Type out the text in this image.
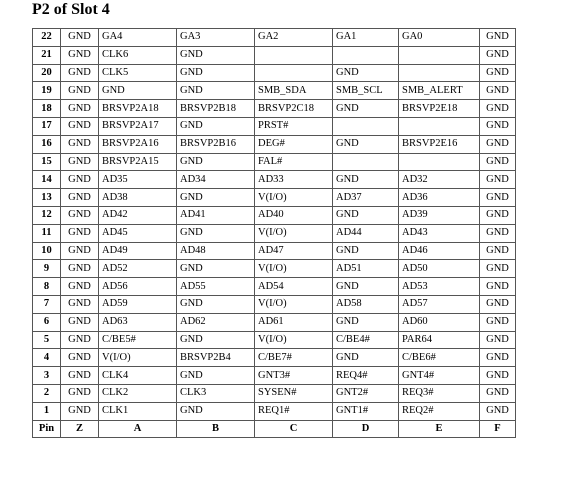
P2 of Slot 4
22	GND	GA4	GA3	GA2	GA1	GA0	GND
21	GND	CLK6	GND				GND
20	GND	CLK5	GND		GND		GND
19	GND	GND	GND	SMB_SDA	SMB_SCL	SMB_ALERT	GND
18	GND	BRSVP2A18	BRSVP2B18	BRSVP2C18	GND	BRSVP2E18	GND
17	GND	BRSVP2A17	GND	PRST#			GND
16	GND	BRSVP2A16	BRSVP2B16	DEG#	GND	BRSVP2E16	GND
15	GND	BRSVP2A15	GND	FAL#			GND
14	GND	AD35	AD34	AD33	GND	AD32	GND
13	GND	AD38	GND	V(I/O)	AD37	AD36	GND
12	GND	AD42	AD41	AD40	GND	AD39	GND
11	GND	AD45	GND	V(I/O)	AD44	AD43	GND
10	GND	AD49	AD48	AD47	GND	AD46	GND
9	GND	AD52	GND	V(I/O)	AD51	AD50	GND
8	GND	AD56	AD55	AD54	GND	AD53	GND
7	GND	AD59	GND	V(I/O)	AD58	AD57	GND
6	GND	AD63	AD62	AD61	GND	AD60	GND
5	GND	C/BE5#	GND	V(I/O)	C/BE4#	PAR64	GND
4	GND	V(I/O)	BRSVP2B4	C/BE7#	GND	C/BE6#	GND
3	GND	CLK4	GND	GNT3#	REQ4#	GNT4#	GND
2	GND	CLK2	CLK3	SYSEN#	GNT2#	REQ3#	GND
1	GND	CLK1	GND	REQ1#	GNT1#	REQ2#	GND
Pin	Z	A	B	C	D	E	F
